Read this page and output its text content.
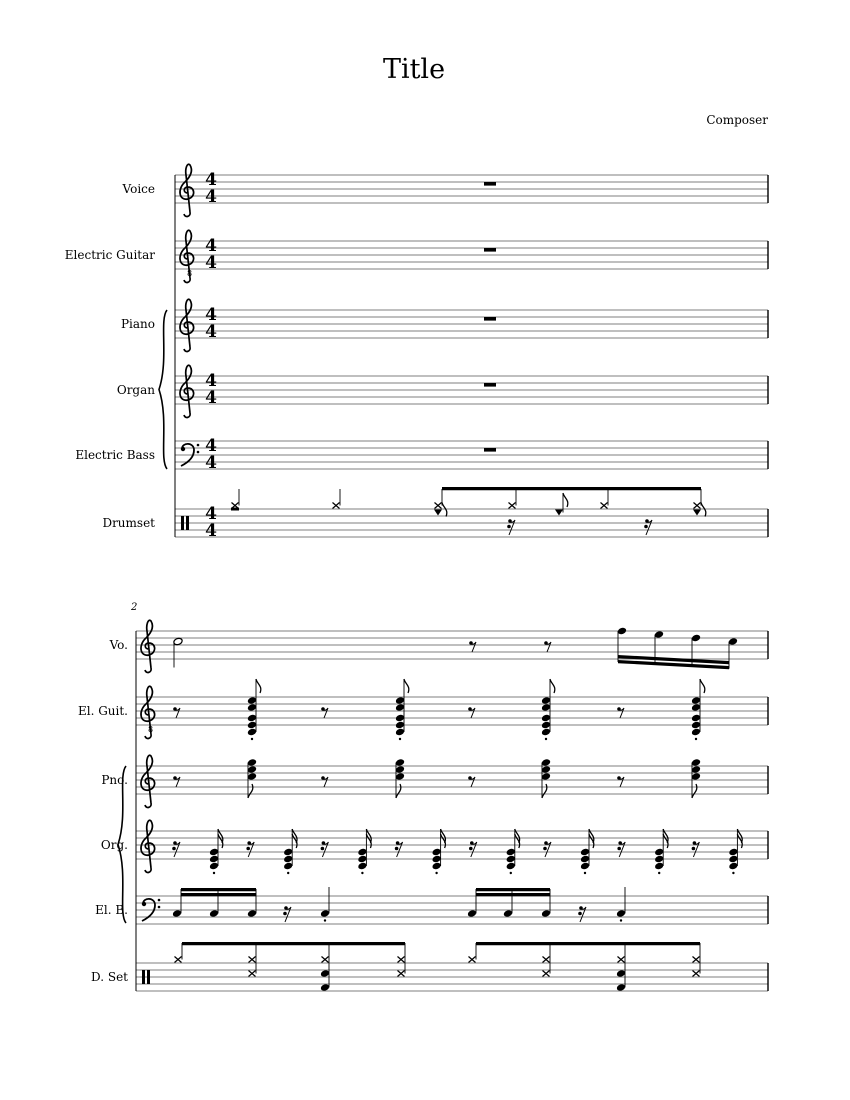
Title
Composer
2
Voice
Electric Guitar
Piano
Organ
Electric Bass
Drumset
Vo.
El. Guit.
Pno.
Org.
El. B.
D. Set
4
4
4
4
4
4
4
4
4
4
4
4
8
8
